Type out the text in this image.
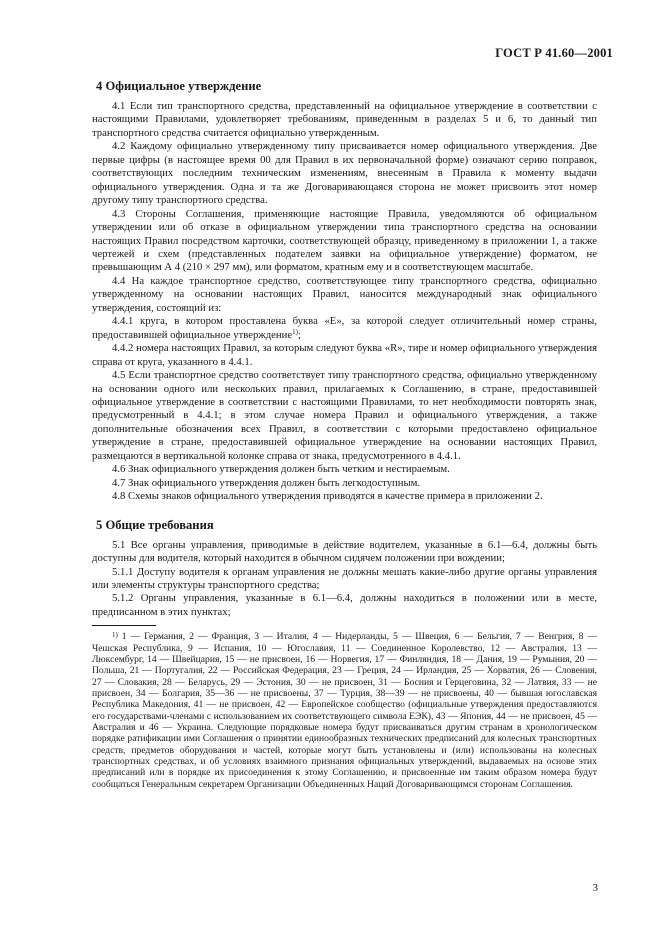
ГОСТ Р 41.60—2001
4 Официальное утверждение

4.1 Если тип транспортного средства, представленный на официальное утверждение в соответствии с настоящими Правилами, удовлетворяет требованиям, приведенным в разделах 5 и 6, то данный тип транспортного средства считается официально утвержденным.

4.2 Каждому официально утвержденному типу присваивается номер официального утверждения. Две первые цифры (в настоящее время 00 для Правил в их первоначальной форме) означают серию поправок, соответствующих последним техническим изменениям, внесенным в Правила к моменту выдачи официального утверждения. Одна и та же Договаривающаяся сторона не может присвоить этот номер другому типу транспортного средства.

4.3 Стороны Соглашения, применяющие настоящие Правила, уведомляются об официальном утверждении или об отказе в официальном утверждении типа транспортного средства на основании настоящих Правил посредством карточки, соответствующей образцу, приведенному в приложении 1, а также чертежей и схем (представленных подателем заявки на официальное утверждение) форматом, не превышающим А 4 (210 × 297 мм), или форматом, кратным ему и в соответствующем масштабе.

4.4 На каждое транспортное средство, соответствующее типу транспортного средства, официально утвержденному на основании настоящих Правил, наносится международный знак официального утверждения, состоящий из:

4.4.1 круга, в котором проставлена буква «Е», за которой следует отличительный номер страны, предоставившей официальное утверждение$^{1)}$;

4.4.2 номера настоящих Правил, за которым следуют буква «R», тире и номер официального утверждения справа от круга, указанного в 4.4.1.

4.5 Если транспортное средство соответствует типу транспортного средства, официально утвержденному на основании одного или нескольких правил, прилагаемых к Соглашению, в стране, предоставившей официальное утверждение в соответствии с настоящими Правилами, то нет необходимости повторять знак, предусмотренный в 4.4.1; в этом случае номера Правил и официального утверждения, а также дополнительные обозначения всех Правил, в соответствии с которыми предоставлено официальное утверждение в стране, предоставившей официальное утверждение на основании настоящих Правил, размещаются в вертикальной колонке справа от знака, предусмотренного в 4.4.1.

4.6 Знак официального утверждения должен быть четким и нестираемым.

4.7 Знак официального утверждения должен быть легкодоступным.

4.8 Схемы знаков официального утверждения приводятся в качестве примера в приложении 2.

5 Общие требования

5.1 Все органы управления, приводимые в действие водителем, указанные в 6.1—6.4, должны быть доступны для водителя, который находится в обычном сидячем положении при вождении;

5.1.1 Доступу водителя к органам управления не должны мешать какие-либо другие органы управления или элементы структуры транспортного средства;

5.1.2 Органы управления, указанные в 6.1—6.4, должны находиться в положении или в месте, предписанном в этих пунктах;

$^{1)}$ 1 — Германия, 2 — Франция, 3 — Италия, 4 — Нидерланды, 5 — Швеция, 6 — Бельгия, 7 — Венгрия, 8 — Чешская Республика, 9 — Испания, 10 — Югославия, 11 — Соединенное Королевство, 12 — Австралия, 13 — Люксембург, 14 — Швейцария, 15 — не присвоен, 16 — Норвегия, 17 — Финляндия, 18 — Дания, 19 — Румыния, 20 — Польша, 21 — Португалия, 22 — Российская Федерация, 23 — Греция, 24 — Ирландия, 25 — Хорватия, 26 — Словения, 27 — Словакия, 28 — Беларусь, 29 — Эстония, 30 — не присвоен, 31 — Босния и Герцеговина, 32 — Латвия, 33 — не присвоен, 34 — Болгария, 35—36 — не присвоены, 37 — Турция, 38—39 — не присвоены, 40 — бывшая югославская Республика Македония, 41 — не присвоен, 42 — Европейское сообщество (официальные утверждения предоставляются его государствами-членами с использованием их соответствующего символа ЕЭК), 43 — Япония, 44 — не присвоен, 45 — Австралия и 46 — Украина. Следующие порядковые номера будут присваиваться другим странам в хронологическом порядке ратификации ими Соглашения о принятии единообразных технических предписаний для колесных транспортных средств, предметов оборудования и частей, которые могут быть установлены и (или) использованы на колесных транспортных средствах, и об условиях взаимного признания официальных утверждений, выдаваемых на основе этих предписаний или в порядке их присоединения к этому Соглашению, и присвоенные им таким образом номера будут сообщаться Генеральным секретарем Организации Объединенных Наций Договаривающимся сторонам Соглашения.

3
